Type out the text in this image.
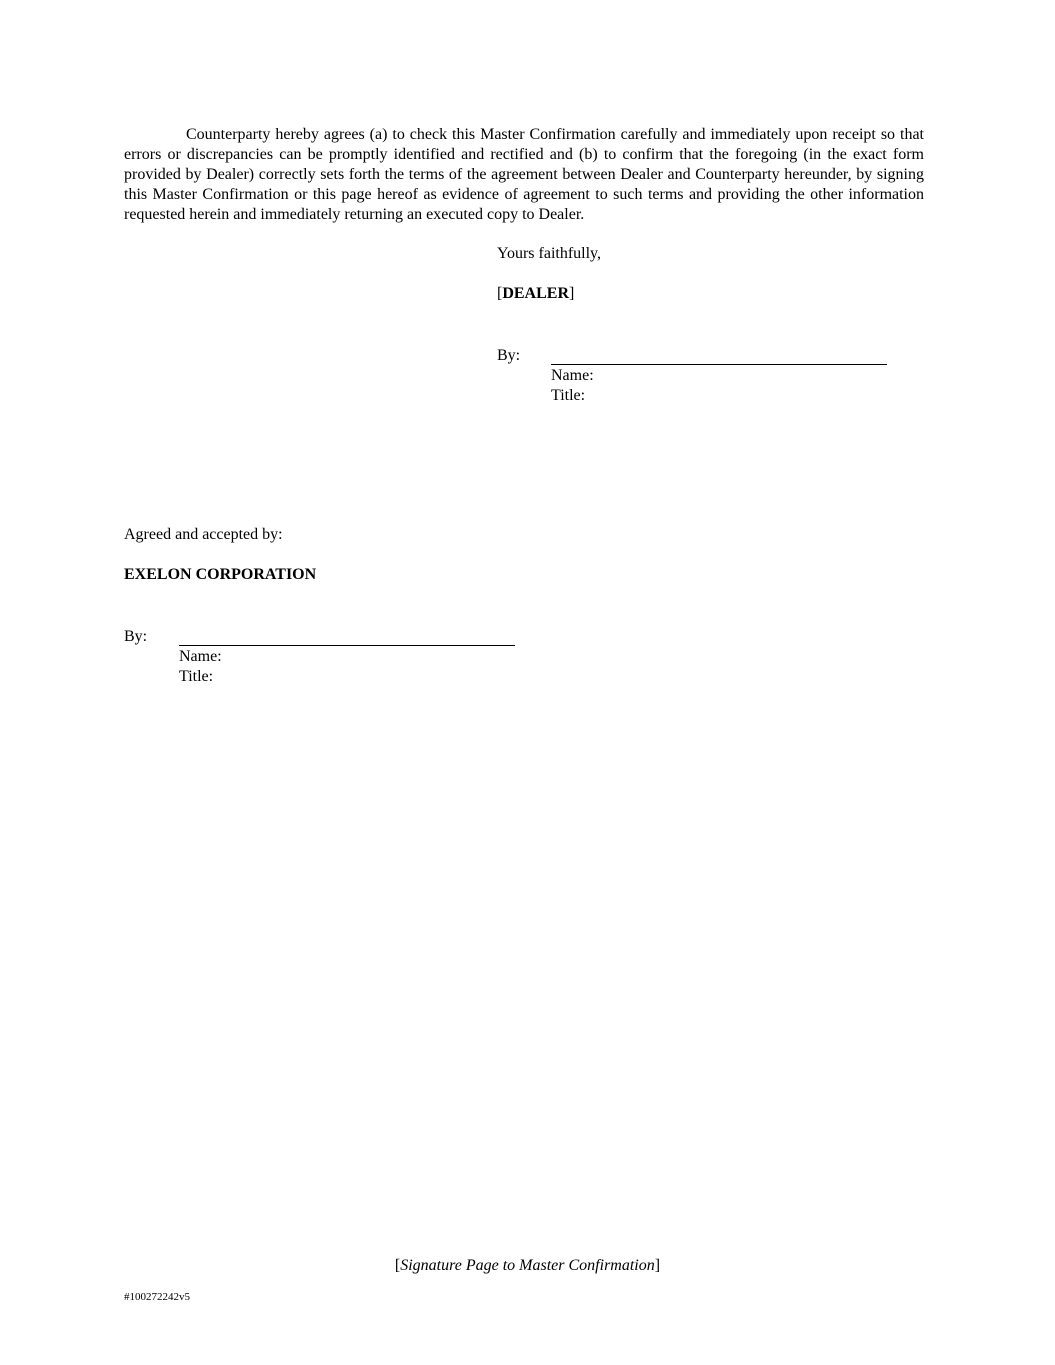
Counterparty hereby agrees (a) to check this Master Confirmation carefully and immediately upon receipt so that errors or discrepancies can be promptly identified and rectified and (b) to confirm that the foregoing (in the exact form provided by Dealer) correctly sets forth the terms of the agreement between Dealer and Counterparty hereunder, by signing this Master Confirmation or this page hereof as evidence of agreement to such terms and providing the other information requested herein and immediately returning an executed copy to Dealer.

Yours faithfully,
[DEALER]
By:
Name:
Title:
Agreed and accepted by:
EXELON CORPORATION
By:
Name:
Title:
[Signature Page to Master Confirmation]
#100272242v5
